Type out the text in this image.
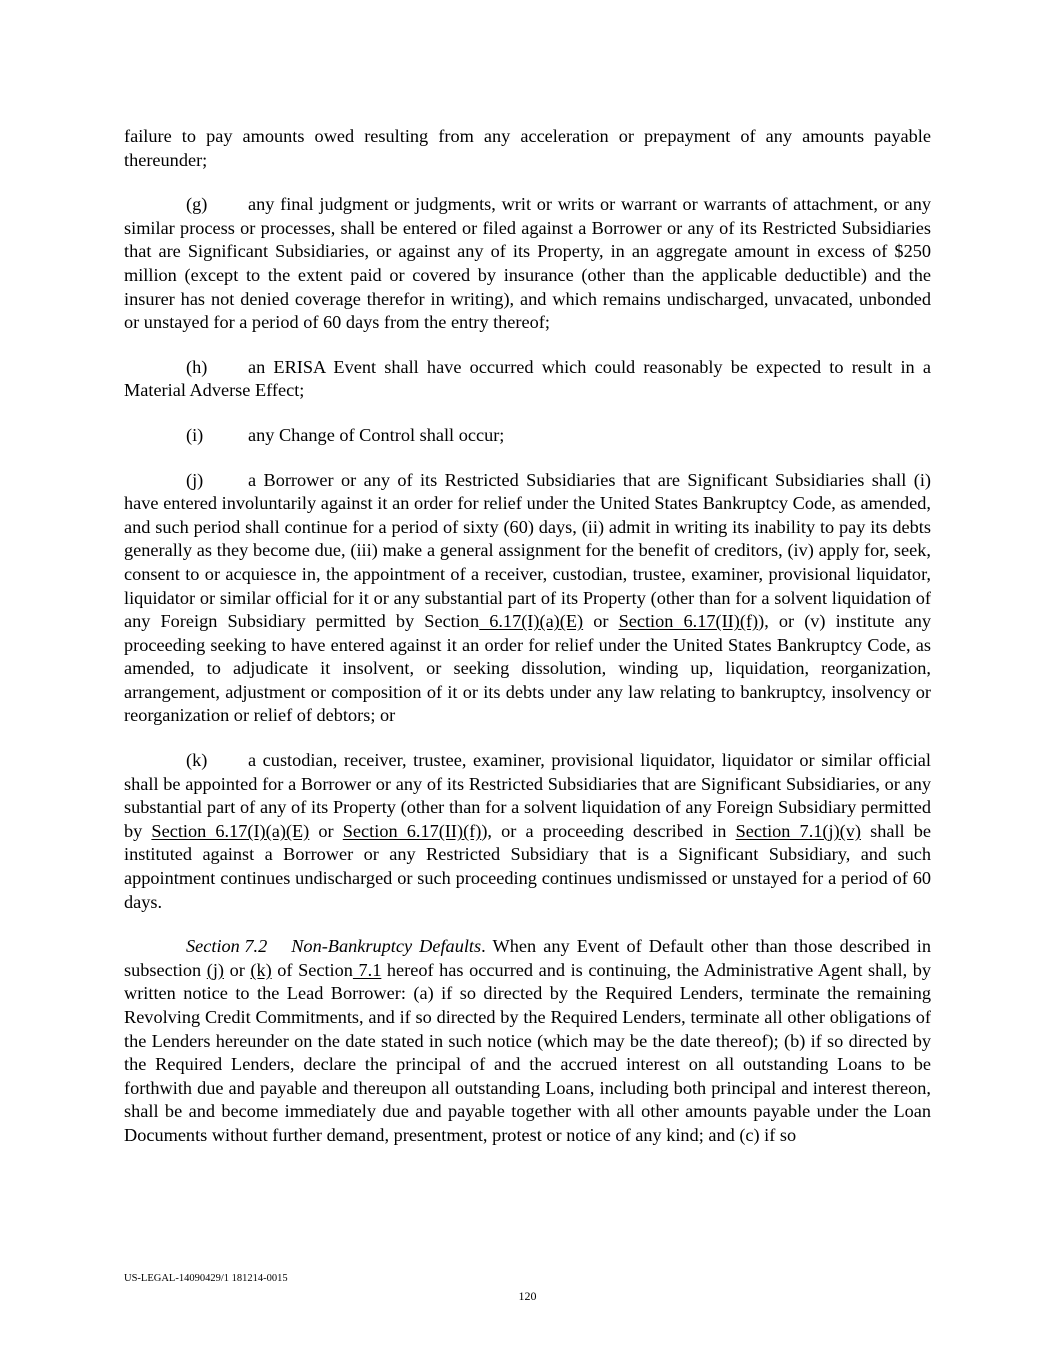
failure to pay amounts owed resulting from any acceleration or prepayment of any amounts payable thereunder;

(g) any final judgment or judgments, writ or writs or warrant or warrants of attachment, or any similar process or processes, shall be entered or filed against a Borrower or any of its Restricted Subsidiaries that are Significant Subsidiaries, or against any of its Property, in an aggregate amount in excess of $250 million (except to the extent paid or covered by insurance (other than the applicable deductible) and the insurer has not denied coverage therefor in writing), and which remains undischarged, unvacated, unbonded or unstayed for a period of 60 days from the entry thereof;

(h) an ERISA Event shall have occurred which could reasonably be expected to result in a Material Adverse Effect;

(i) any Change of Control shall occur;

(j) a Borrower or any of its Restricted Subsidiaries that are Significant Subsidiaries shall (i) have entered involuntarily against it an order for relief under the United States Bankruptcy Code, as amended, and such period shall continue for a period of sixty (60) days, (ii) admit in writing its inability to pay its debts generally as they become due, (iii) make a general assignment for the benefit of creditors, (iv) apply for, seek, consent to or acquiesce in, the appointment of a receiver, custodian, trustee, examiner, provisional liquidator, liquidator or similar official for it or any substantial part of its Property (other than for a solvent liquidation of any Foreign Subsidiary permitted by Section 6.17(I)(a)(E) or Section 6.17(II)(f)), or (v) institute any proceeding seeking to have entered against it an order for relief under the United States Bankruptcy Code, as amended, to adjudicate it insolvent, or seeking dissolution, winding up, liquidation, reorganization, arrangement, adjustment or composition of it or its debts under any law relating to bankruptcy, insolvency or reorganization or relief of debtors; or

(k) a custodian, receiver, trustee, examiner, provisional liquidator, liquidator or similar official shall be appointed for a Borrower or any of its Restricted Subsidiaries that are Significant Subsidiaries, or any substantial part of any of its Property (other than for a solvent liquidation of any Foreign Subsidiary permitted by Section 6.17(I)(a)(E) or Section 6.17(II)(f)), or a proceeding described in Section 7.1(j)(v) shall be instituted against a Borrower or any Restricted Subsidiary that is a Significant Subsidiary, and such appointment continues undischarged or such proceeding continues undismissed or unstayed for a period of 60 days.

Section 7.2 Non-Bankruptcy Defaults. When any Event of Default other than those described in subsection (j) or (k) of Section 7.1 hereof has occurred and is continuing, the Administrative Agent shall, by written notice to the Lead Borrower: (a) if so directed by the Required Lenders, terminate the remaining Revolving Credit Commitments, and if so directed by the Required Lenders, terminate all other obligations of the Lenders hereunder on the date stated in such notice (which may be the date thereof); (b) if so directed by the Required Lenders, declare the principal of and the accrued interest on all outstanding Loans to be forthwith due and payable and thereupon all outstanding Loans, including both principal and interest thereon, shall be and become immediately due and payable together with all other amounts payable under the Loan Documents without further demand, presentment, protest or notice of any kind; and (c) if so

US-LEGAL-14090429/1 181214-0015
120
